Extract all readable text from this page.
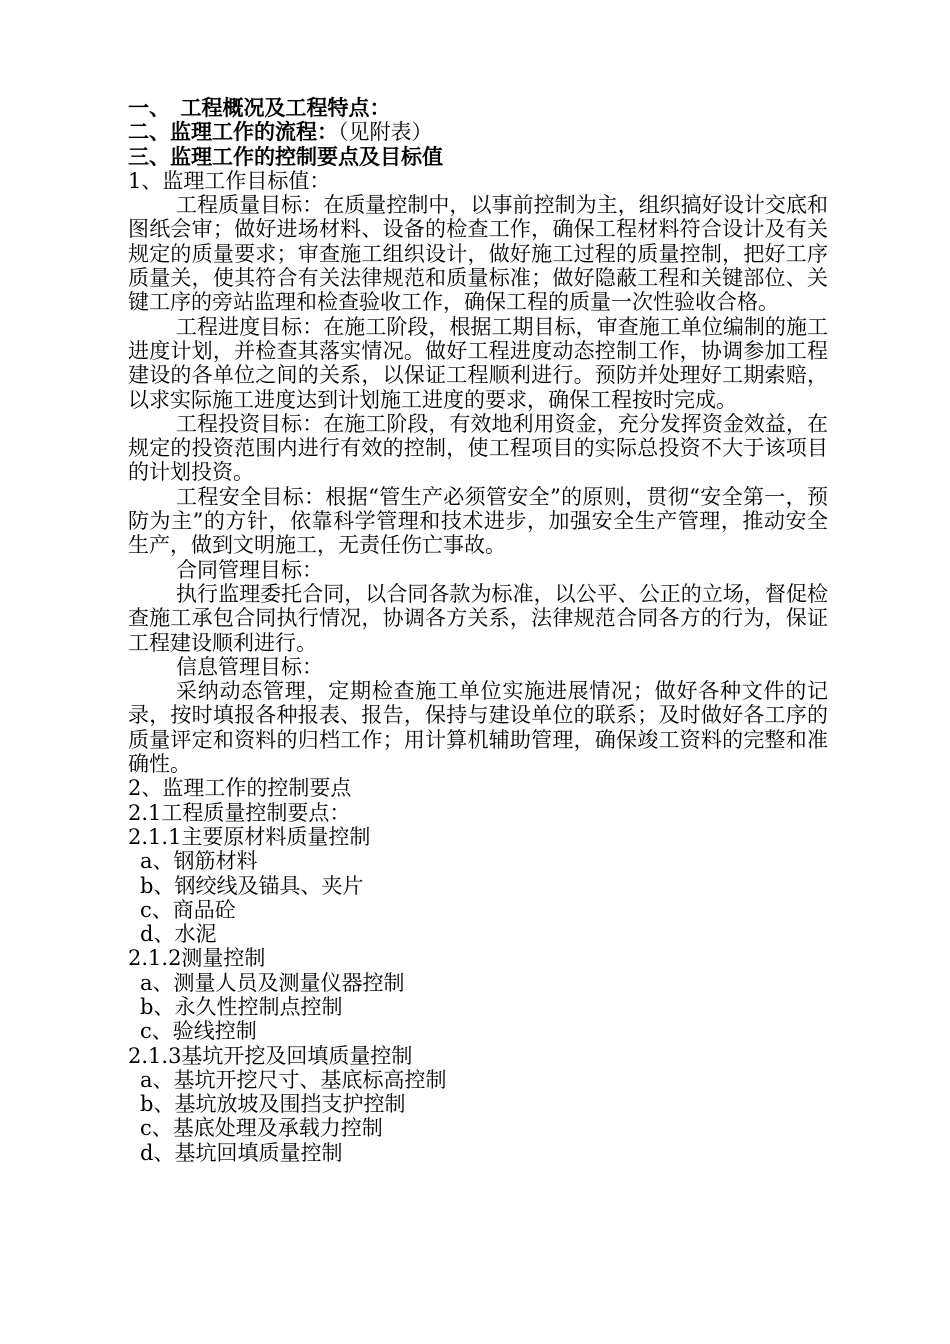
一、　工程概况及工程特点：
二、监理工作的流程：（见附表）
三、监理工作的控制要点及目标值
1、监理工作目标值：
工程质量目标：在质量控制中，以事前控制为主，组织搞好设计交底和图纸会审；做好进场材料、设备的检查工作，确保工程材料符合设计及有关规定的质量要求；审查施工组织设计，做好施工过程的质量控制，把好工序质量关，使其符合有关法律规范和质量标准；做好隐蔽工程和关键部位、关键工序的旁站监理和检查验收工作，确保工程的质量一次性验收合格。
工程进度目标：在施工阶段，根据工期目标，审查施工单位编制的施工进度计划，并检查其落实情况。做好工程进度动态控制工作，协调参加工程建设的各单位之间的关系，以保证工程顺利进行。预防并处理好工期索赔，以求实际施工进度达到计划施工进度的要求，确保工程按时完成。
工程投资目标：在施工阶段，有效地利用资金，充分发挥资金效益，在规定的投资范围内进行有效的控制，使工程项目的实际总投资不大于该项目的计划投资。
工程安全目标：根据“管生产必须管安全”的原则，贯彻“安全第一，预防为主”的方针，依靠科学管理和技术进步，加强安全生产管理，推动安全生产，做到文明施工，无责任伤亡事故。
合同管理目标：
执行监理委托合同，以合同各款为标准，以公平、公正的立场，督促检查施工承包合同执行情况，协调各方关系，法律规范合同各方的行为，保证工程建设顺利进行。
信息管理目标：
采纳动态管理，定期检查施工单位实施进展情况；做好各种文件的记录，按时填报各种报表、报告，保持与建设单位的联系；及时做好各工序的质量评定和资料的归档工作；用计算机辅助管理，确保竣工资料的完整和准确性。
2、监理工作的控制要点
2.1工程质量控制要点：
2.1.1主要原材料质量控制
a、钢筋材料
b、钢绞线及锚具、夹片
c、商品砼
d、水泥
2.1.2测量控制
a、测量人员及测量仪器控制
b、永久性控制点控制
c、验线控制
2.1.3基坑开挖及回填质量控制
a、基坑开挖尺寸、基底标高控制
b、基坑放坡及围挡支护控制
c、基底处理及承载力控制
d、基坑回填质量控制
